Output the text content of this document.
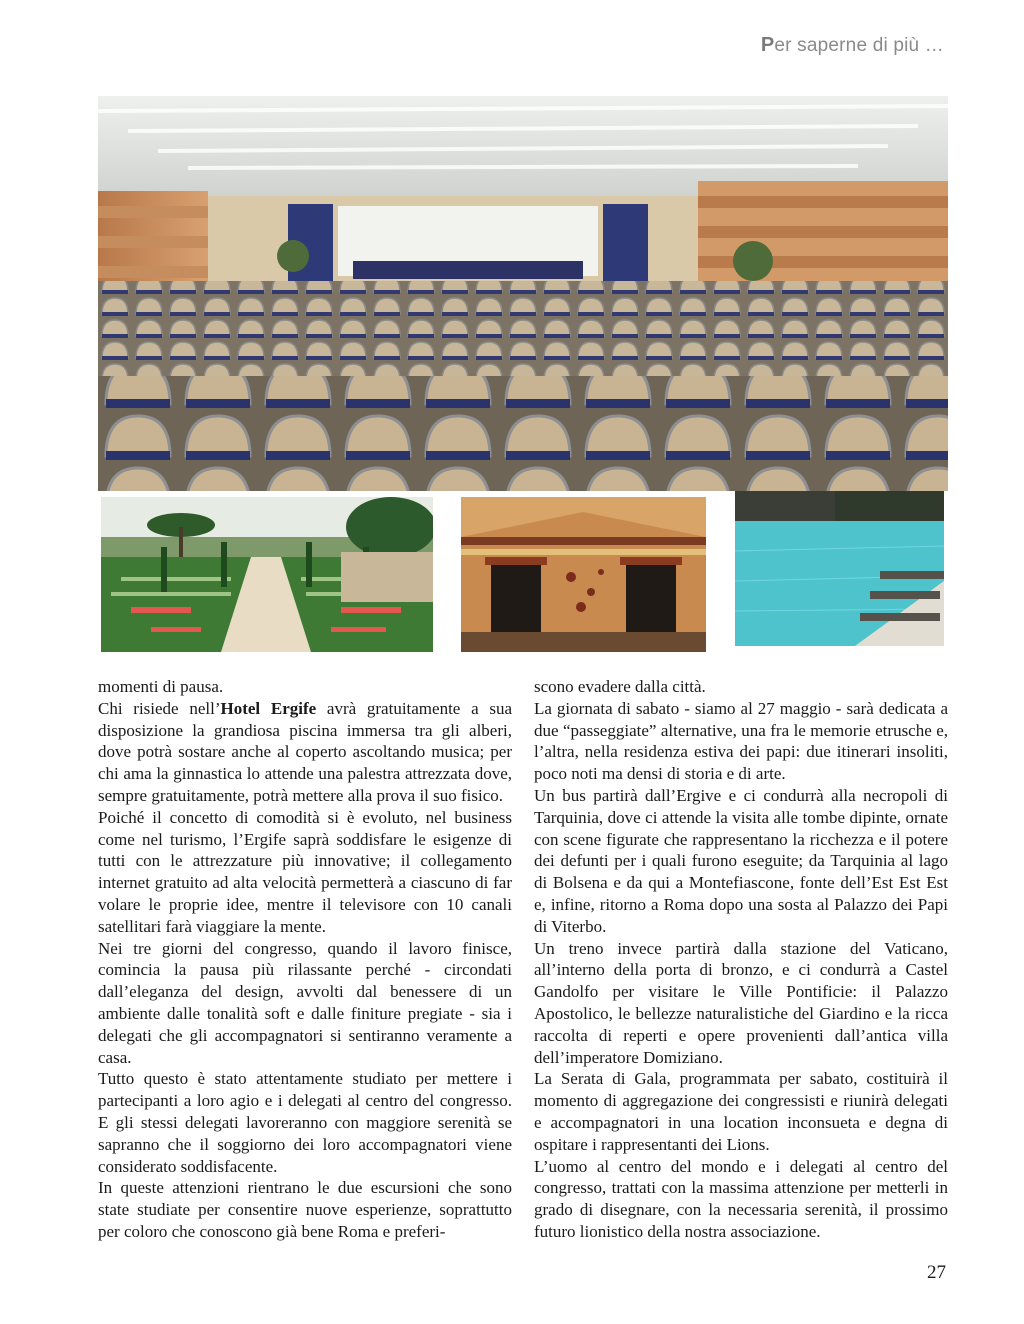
Per saperne di più …

momenti di pausa.

Chi risiede nell’Hotel Ergife avrà gratuitamente a sua disposizione la grandiosa piscina immersa tra gli alberi, dove potrà sostare anche al coperto ascoltando musica; per chi ama la ginnastica lo attende una palestra attrezzata dove, sempre gratuitamente, potrà mettere alla prova il suo fisico.

Poiché il concetto di comodità si è evoluto, nel business come nel turismo, l’Ergife saprà soddisfare le esigenze di tutti con le attrezzature più innovative; il collegamento internet gratuito ad alta velocità permetterà a ciascuno di far volare le proprie idee, mentre il televisore con 10 canali satellitari farà viaggiare la mente.

Nei tre giorni del congresso, quando il lavoro finisce, comincia la pausa più rilassante perché - circondati dall’eleganza del design, avvolti dal benessere di un ambiente dalle tonalità soft e dalle finiture pregiate - sia i delegati che gli accompagnatori si sentiranno veramente a casa.

Tutto questo è stato attentamente studiato per mettere i partecipanti a loro agio e i delegati al centro del congresso. E gli stessi delegati lavoreranno con maggiore serenità se sapranno che il soggiorno dei loro accompagnatori viene considerato soddisfacente.

In queste attenzioni rientrano le due escursioni che sono state studiate per consentire nuove esperienze, soprattutto per coloro che conoscono già bene Roma e preferi-

scono evadere dalla città.

La giornata di sabato - siamo al 27 maggio - sarà dedicata a due “passeggiate” alternative, una fra le memorie etrusche e, l’altra, nella residenza estiva dei papi: due itinerari insoliti, poco noti ma densi di storia e di arte.

Un bus partirà dall’Ergive e ci condurrà alla necropoli di Tarquinia, dove ci attende la visita alle tombe dipinte, ornate con scene figurate che rappresentano la ricchezza e il potere dei defunti per i quali furono eseguite; da Tarquinia al lago di Bolsena e da qui a Montefiascone, fonte dell’Est Est Est e, infine, ritorno a Roma dopo una sosta al Palazzo dei Papi di Viterbo.

Un treno invece partirà dalla stazione del Vaticano, all’interno della porta di bronzo, e ci condurrà a Castel Gandolfo per visitare le Ville Pontificie: il Palazzo Apostolico, le bellezze naturalistiche del Giardino e la ricca raccolta di reperti e opere provenienti dall’antica villa dell’imperatore Domiziano.

La Serata di Gala, programmata per sabato, costituirà il momento di aggregazione dei congressisti e riunirà delegati e accompagnatori in una location inconsueta e degna di ospitare i rappresentanti dei Lions.

L’uomo al centro del mondo e i delegati al centro del congresso, trattati con la massima attenzione per metterli in grado di disegnare, con la necessaria serenità, il prossimo futuro lionistico della nostra associazione.

27
